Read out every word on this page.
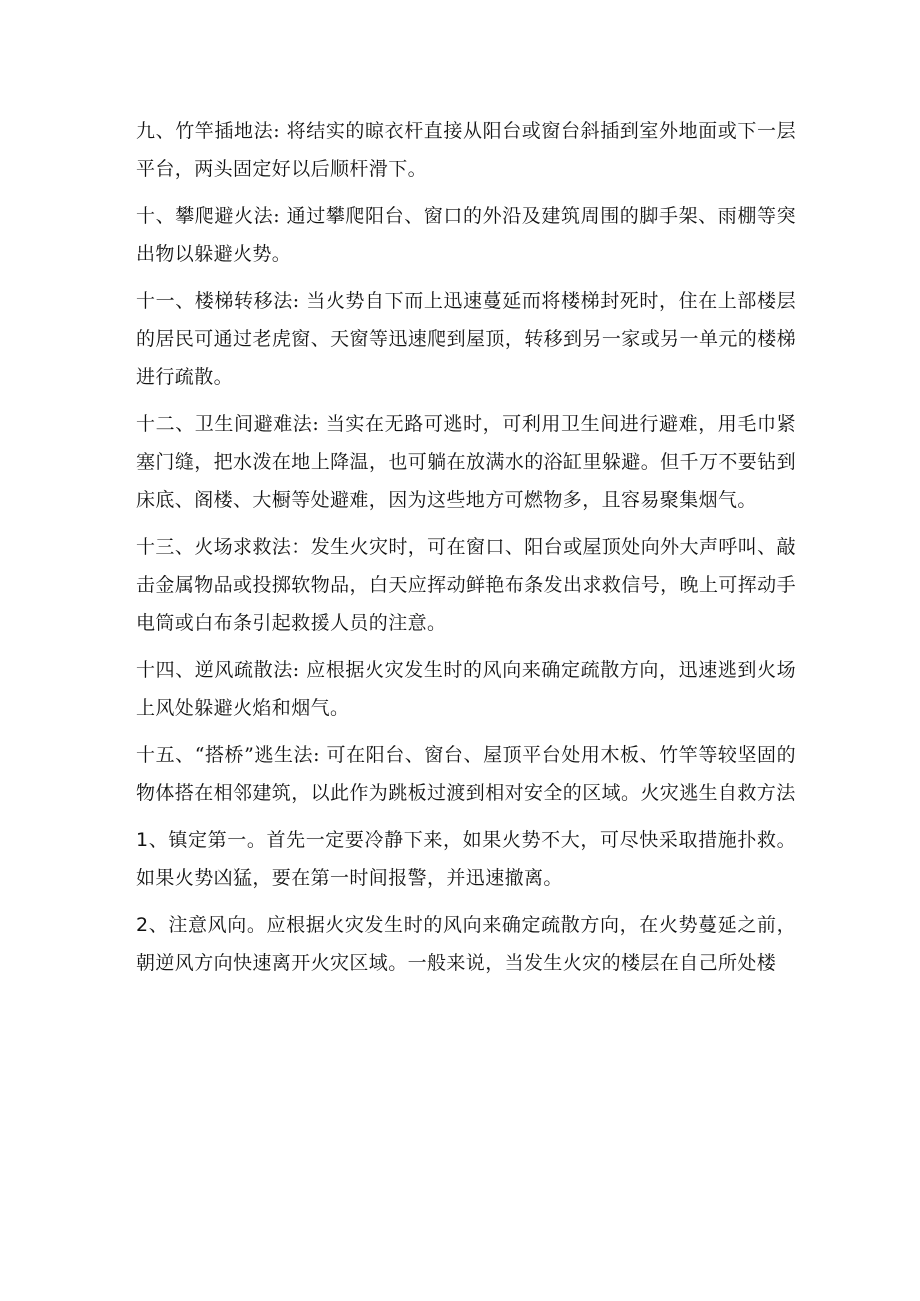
九、竹竿插地法: 将结实的晾衣杆直接从阳台或窗台斜插到室外地面或下一层平台，两头固定好以后顺杆滑下。

十、攀爬避火法: 通过攀爬阳台、窗口的外沿及建筑周围的脚手架、雨棚等突出物以躲避火势。

十一、楼梯转移法: 当火势自下而上迅速蔓延而将楼梯封死时，住在上部楼层的居民可通过老虎窗、天窗等迅速爬到屋顶，转移到另一家或另一单元的楼梯进行疏散。

十二、卫生间避难法: 当实在无路可逃时，可利用卫生间进行避难，用毛巾紧塞门缝，把水泼在地上降温，也可躺在放满水的浴缸里躲避。但千万不要钻到床底、阁楼、大橱等处避难，因为这些地方可燃物多，且容易聚集烟气。

十三、火场求救法：发生火灾时，可在窗口、阳台或屋顶处向外大声呼叫、敲击金属物品或投掷软物品，白天应挥动鲜艳布条发出求救信号，晚上可挥动手电筒或白布条引起救援人员的注意。

十四、逆风疏散法: 应根据火灾发生时的风向来确定疏散方向，迅速逃到火场上风处躲避火焰和烟气。

十五、“搭桥”逃生法: 可在阳台、窗台、屋顶平台处用木板、竹竿等较坚固的物体搭在相邻建筑，以此作为跳板过渡到相对安全的区域。火灾逃生自救方法

1、镇定第一。首先一定要冷静下来，如果火势不大，可尽快采取措施扑救。如果火势凶猛，要在第一时间报警，并迅速撤离。

2、注意风向。应根据火灾发生时的风向来确定疏散方向，在火势蔓延之前，朝逆风方向快速离开火灾区域。一般来说，当发生火灾的楼层在自己所处楼
